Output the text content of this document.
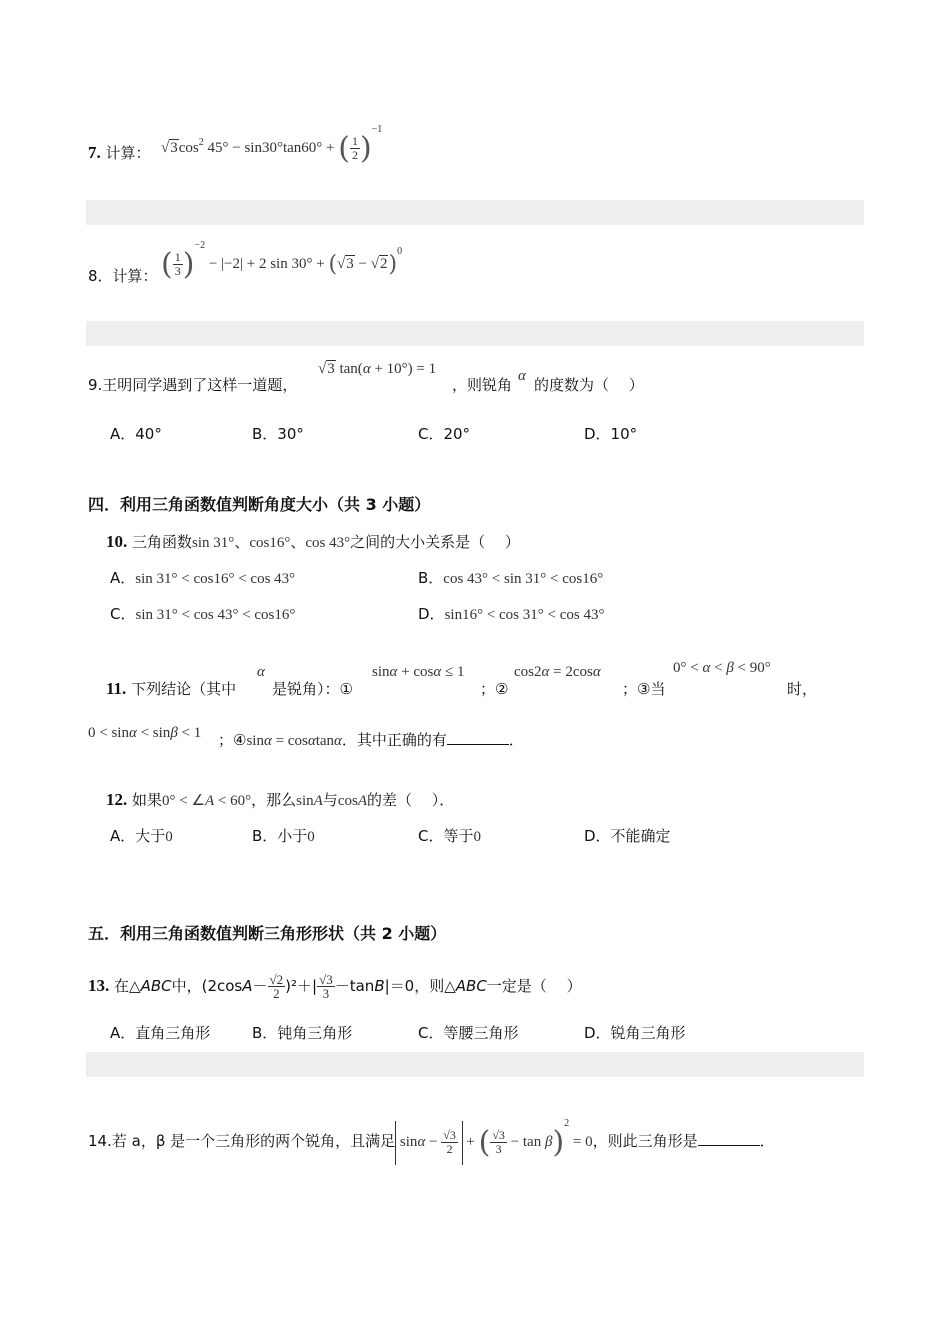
7. 计算： $√3\cos^2$ 45° − sin30°tan60° + ( $\frac{1}{2} )^{-1}$
8．计算： ( $\frac{1}{3} )^{-2} - |-2| + 2$ $\sin 30^\circ + (√3 - √2)^0$
9.王明同学遇到了这样一道题，
√3 tan(α + 10°) = 1
，则锐角 α 的度数为（　 ）
A．40°	B．30°	C．20°	D．10°
四．利用三角函数值判断角度大小（共 3 小题）
10. 三角函数sin 31°、cos16°、cos 43°之间的大小关系是（　 ）
A．sin 31° < cos16° < cos 43°	B．cos 43° < sin 31° < cos16°
C．sin 31° < cos 43° < cos16°	D．sin16° < cos 31° < cos 43°
11. 下列结论（其中
α
是锐角）：①
sinα + cosα ≤ 1
；②
cos2α = 2cosα
；③当
0° < α < β < 90°
时，
0 < sinα < sinβ < 1 ；④sinα = cosαtanα．其中正确的有	．
12. 如果0° < ∠A < 60°，那么sinA与cosA的差（　 ）．
A．大于0	B．小于0	C．等于0	D．不能确定
五．利用三角函数值判断三角形形状（共 2 小题）
13. 在△ABC中，$(2\cos A- \frac{√2}{2} )^2+| \frac{√3}{3} -\tan B|=0$，则△ABC一定是（　 ）
A．直角三角形	B．钝角三角形	C．等腰三角形	D．锐角三角形
14.若 a，β 是一个三角形的两个锐角，且满足 $\sin\alpha - \frac{√3}{2}$ + ( $\frac{√3}{3} - \tan \beta)^2 = 0$，则此三角形是	．
